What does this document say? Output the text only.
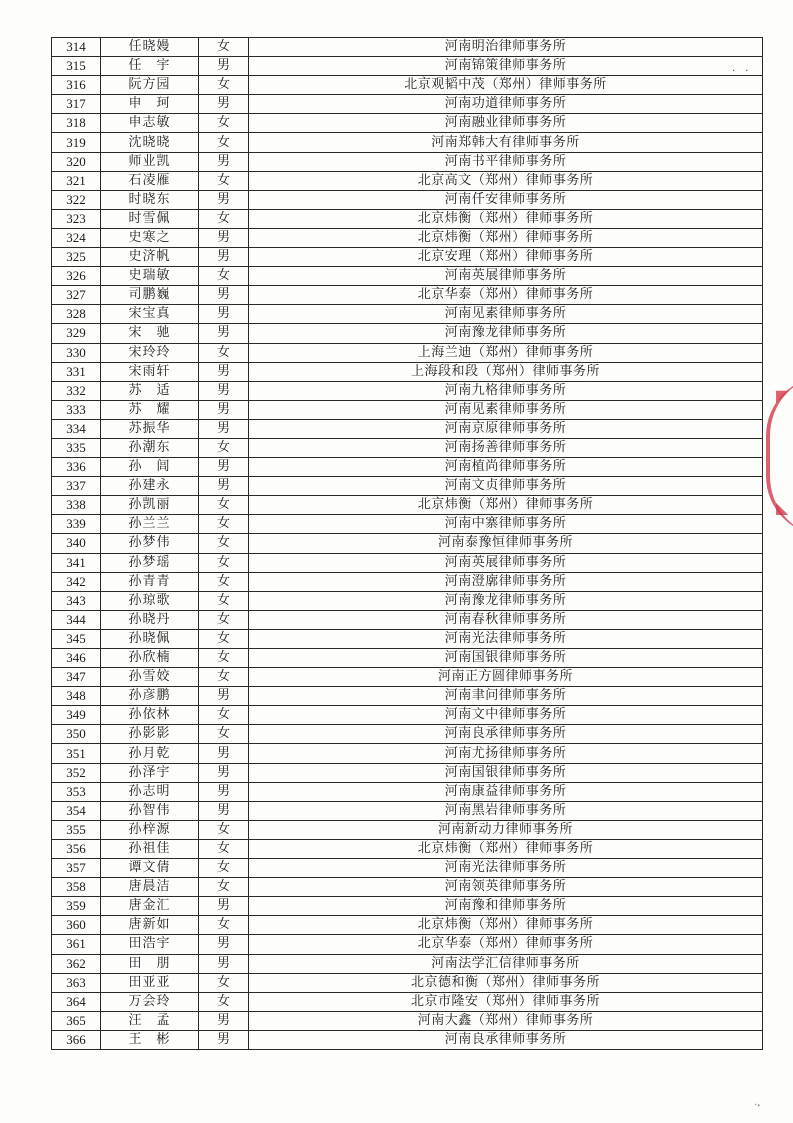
314	任晓嫚	女	河南明治律师事务所
315	任　宇	男	河南锦策律师事务所
316	阮方园	女	北京观韬中茂（郑州）律师事务所
317	申　珂	男	河南功道律师事务所
318	申志敏	女	河南融业律师事务所
319	沈晓晓	女	河南郑韩大有律师事务所
320	师业凯	男	河南书平律师事务所
321	石凌雁	女	北京高文（郑州）律师事务所
322	时晓东	男	河南仟安律师事务所
323	时雪佩	女	北京炜衡（郑州）律师事务所
324	史寒之	男	北京炜衡（郑州）律师事务所
325	史济帆	男	北京安理（郑州）律师事务所
326	史瑞敏	女	河南英展律师事务所
327	司鹏巍	男	北京华泰（郑州）律师事务所
328	宋宝真	男	河南见素律师事务所
329	宋　驰	男	河南豫龙律师事务所
330	宋玲玲	女	上海兰迪（郑州）律师事务所
331	宋雨轩	男	上海段和段（郑州）律师事务所
332	苏　适	男	河南九格律师事务所
333	苏　耀	男	河南见素律师事务所
334	苏振华	男	河南京原律师事务所
335	孙潮东	女	河南扬善律师事务所
336	孙　闾	男	河南植尚律师事务所
337	孙建永	男	河南文贞律师事务所
338	孙凯丽	女	北京炜衡（郑州）律师事务所
339	孙兰兰	女	河南中寨律师事务所
340	孙梦伟	女	河南泰豫恒律师事务所
341	孙梦瑶	女	河南英展律师事务所
342	孙青青	女	河南澄廓律师事务所
343	孙琼歌	女	河南豫龙律师事务所
344	孙晓丹	女	河南春秋律师事务所
345	孙晓佩	女	河南光法律师事务所
346	孙欣楠	女	河南国银律师事务所
347	孙雪姣	女	河南正方圆律师事务所
348	孙彦鹏	男	河南聿问律师事务所
349	孙依林	女	河南文中律师事务所
350	孙影影	女	河南良承律师事务所
351	孙月乾	男	河南尤扬律师事务所
352	孙泽宇	男	河南国银律师事务所
353	孙志明	男	河南康益律师事务所
354	孙智伟	男	河南黑岩律师事务所
355	孙梓源	女	河南新动力律师事务所
356	孙祖佳	女	北京炜衡（郑州）律师事务所
357	谭文倩	女	河南光法律师事务所
358	唐晨洁	女	河南领英律师事务所
359	唐金汇	男	河南豫和律师事务所
360	唐新如	女	北京炜衡（郑州）律师事务所
361	田浩宇	男	北京华泰（郑州）律师事务所
362	田　朋	男	河南法学汇信律师事务所
363	田亚亚	女	北京德和衡（郑州）律师事务所
364	万会玲	女	北京市隆安（郑州）律师事务所
365	汪　孟	男	河南大鑫（郑州）律师事务所
366	王　彬	男	河南良承律师事务所
◤
◣
·　·
·˖
